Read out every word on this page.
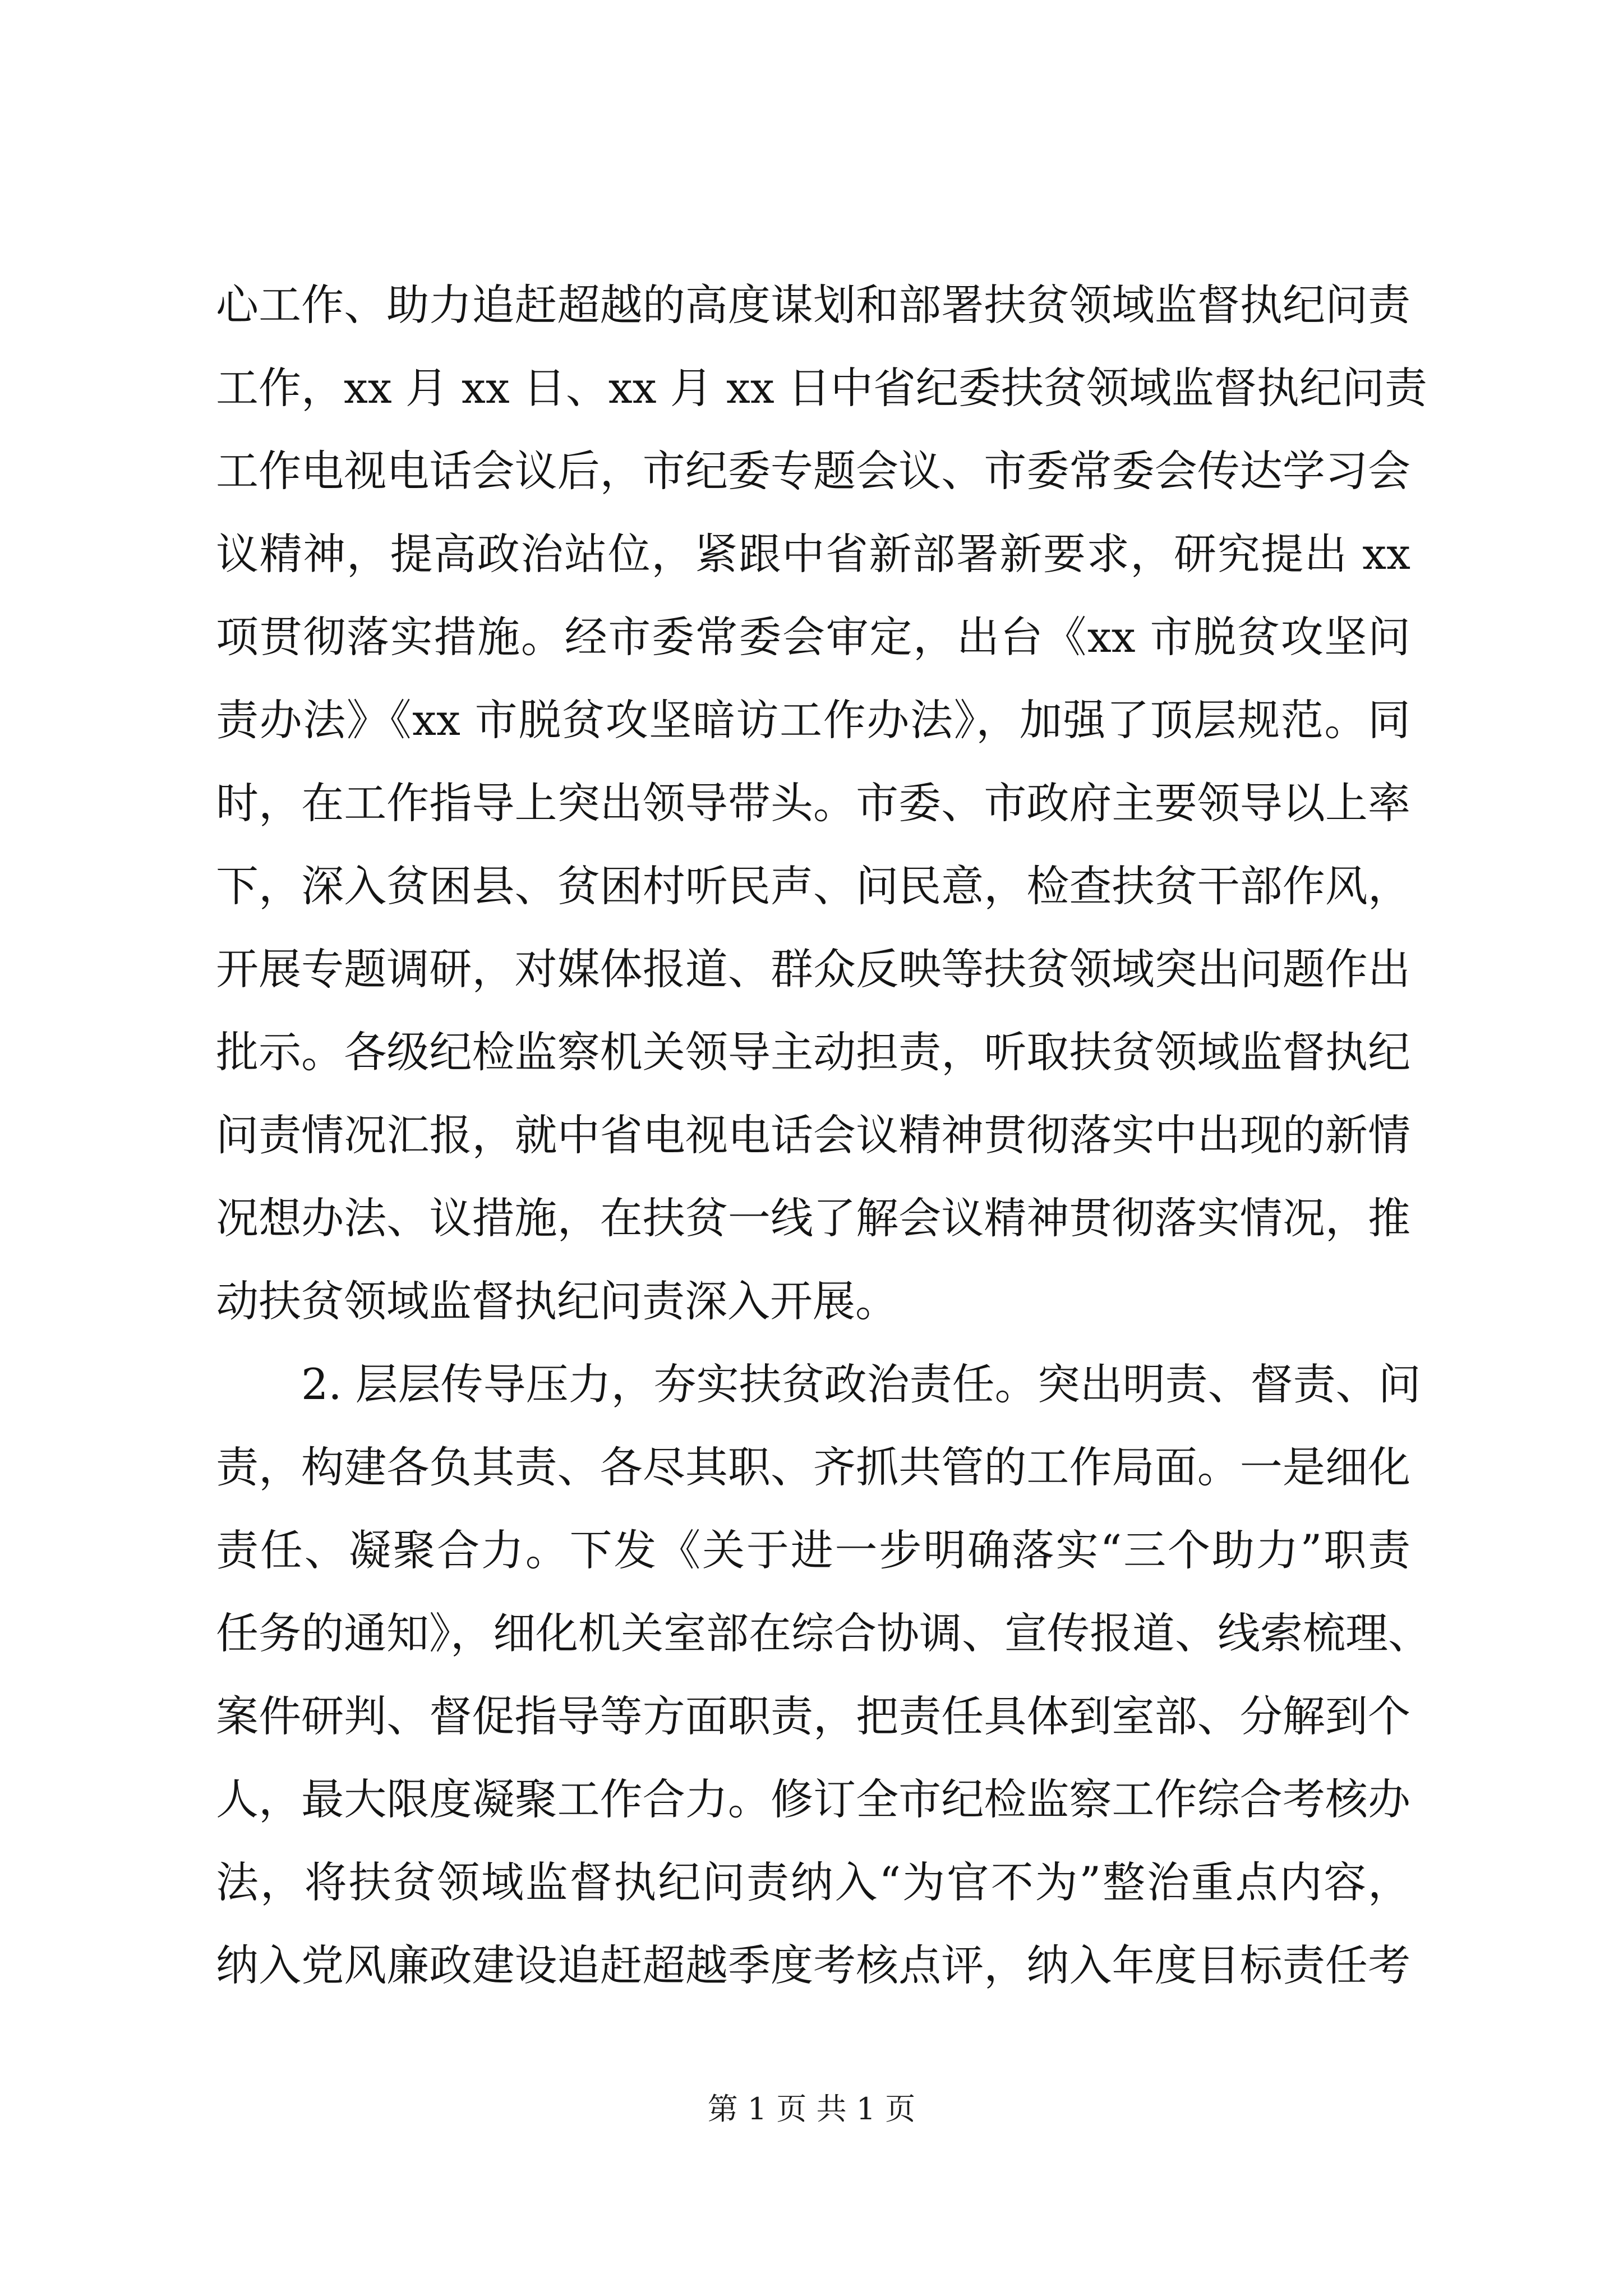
心工作、助力追赶超越的高度谋划和部署扶贫领域监督执纪问责
工作，xx 月 xx 日、xx 月 xx 日中省纪委扶贫领域监督执纪问责
工作电视电话会议后，市纪委专题会议、市委常委会传达学习会
议精神，提高政治站位，紧跟中省新部署新要求，研究提出 xx
项贯彻落实措施。经市委常委会审定，出台《xx 市脱贫攻坚问
责办法》《xx 市脱贫攻坚暗访工作办法》，加强了顶层规范。同
时，在工作指导上突出领导带头。市委、市政府主要领导以上率
下，深入贫困县、贫困村听民声、问民意，检查扶贫干部作风，
开展专题调研，对媒体报道、群众反映等扶贫领域突出问题作出
批示。各级纪检监察机关领导主动担责，听取扶贫领域监督执纪
问责情况汇报，就中省电视电话会议精神贯彻落实中出现的新情
况想办法、议措施，在扶贫一线了解会议精神贯彻落实情况，推
动扶贫领域监督执纪问责深入开展。
　　2. 层层传导压力，夯实扶贫政治责任。突出明责、督责、问
责，构建各负其责、各尽其职、齐抓共管的工作局面。一是细化
责任、凝聚合力。下发《关于进一步明确落实“三个助力”职责
任务的通知》，细化机关室部在综合协调、宣传报道、线索梳理、
案件研判、督促指导等方面职责，把责任具体到室部、分解到个
人，最大限度凝聚工作合力。修订全市纪检监察工作综合考核办
法，将扶贫领域监督执纪问责纳入“为官不为”整治重点内容，
纳入党风廉政建设追赶超越季度考核点评，纳入年度目标责任考
第 1 页 共 1 页
